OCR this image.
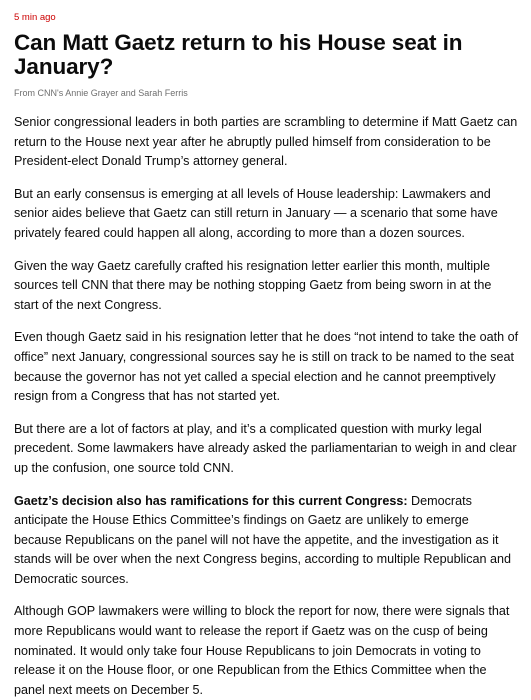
5 min ago
Can Matt Gaetz return to his House seat in January?
From CNN's Annie Grayer and Sarah Ferris

Senior congressional leaders in both parties are scrambling to determine if Matt Gaetz can return to the House next year after he abruptly pulled himself from consideration to be President-elect Donald Trump’s attorney general.

But an early consensus is emerging at all levels of House leadership: Lawmakers and senior aides believe that Gaetz can still return in January — a scenario that some have privately feared could happen all along, according to more than a dozen sources.

Given the way Gaetz carefully crafted his resignation letter earlier this month, multiple sources tell CNN that there may be nothing stopping Gaetz from being sworn in at the start of the next Congress.

Even though Gaetz said in his resignation letter that he does “not intend to take the oath of office” next January, congressional sources say he is still on track to be named to the seat because the governor has not yet called a special election and he cannot preemptively resign from a Congress that has not started yet.

But there are a lot of factors at play, and it’s a complicated question with murky legal precedent. Some lawmakers have already asked the parliamentarian to weigh in and clear up the confusion, one source told CNN.

Gaetz’s decision also has ramifications for this current Congress: Democrats anticipate the House Ethics Committee’s findings on Gaetz are unlikely to emerge because Republicans on the panel will not have the appetite, and the investigation as it stands will be over when the next Congress begins, according to multiple Republican and Democratic sources.

Although GOP lawmakers were willing to block the report for now, there were signals that more Republicans would want to release the report if Gaetz was on the cusp of being nominated. It would only take four House Republicans to join Democrats in voting to release it on the House floor, or one Republican from the Ethics Committee when the panel next meets on December 5.
